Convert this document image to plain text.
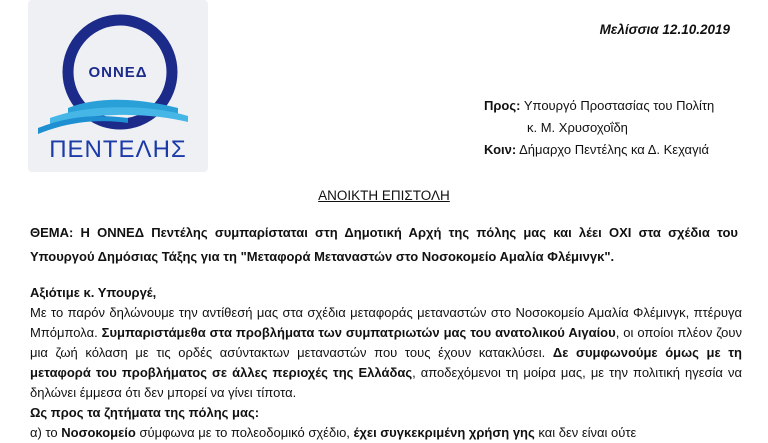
ΟΝΝΕΔ
ΠΕΝΤΕΛΗΣ
Μελίσσια 12.10.2019
Προς: Υπουργό Προστασίας του Πολίτη
κ. Μ. Χρυσοχοΐδη
Κοιν: Δήμαρχο Πεντέλης κα Δ. Κεχαγιά
ΑΝΟΙΚΤΗ ΕΠΙΣΤΟΛΗ
ΘΕΜΑ: Η ΟΝΝΕΔ Πεντέλης συμπαρίσταται στη Δημοτική Αρχή της πόλης μας και λέει ΟΧΙ στα σχέδια του Υπουργού Δημόσιας Τάξης για τη "Μεταφορά Μεταναστών στο Νοσοκομείο Αμαλία Φλέμινγκ".

Αξιότιμε κ. Υπουργέ,

Με το παρόν δηλώνουμε την αντίθεσή μας στα σχέδια μεταφοράς μεταναστών στο Νοσοκομείο Αμαλία Φλέμινγκ, πτέρυγα Μπόμπολα. Συμπαριστάμεθα στα προβλήματα των συμπατριωτών μας του ανατολικού Αιγαίου, οι οποίοι πλέον ζουν μια ζωή κόλαση με τις ορδές ασύντακτων μεταναστών που τους έχουν κατακλύσει. Δε συμφωνούμε όμως με τη μεταφορά του προβλήματος σε άλλες περιοχές της Ελλάδας, αποδεχόμενοι τη μοίρα μας, με την πολιτική ηγεσία να δηλώνει έμμεσα ότι δεν μπορεί να γίνει τίποτα.

Ως προς τα ζητήματα της πόλης μας:

α) το Νοσοκομείο σύμφωνα με το πολεοδομικό σχέδιο, έχει συγκεκριμένη χρήση γης και δεν είναι ούτε
